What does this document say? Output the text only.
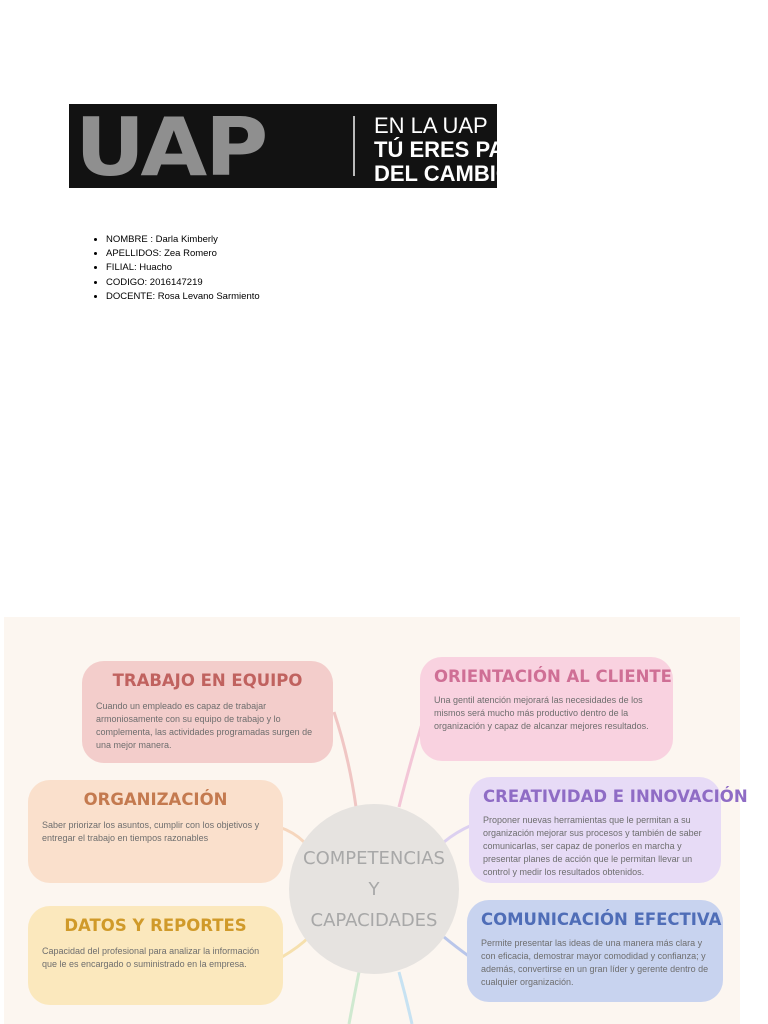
UAP	EN LA UAP
TÚ ERES PARTE
DEL CAMBIO
• NOMBRE : Darla Kimberly
• APELLIDOS: Zea Romero
• FILIAL: Huacho
• CODIGO: 2016147219
• DOCENTE: Rosa Levano Sarmiento
COMPETENCIAS
Y
CAPACIDADES
TRABAJO EN EQUIPO
Cuando un empleado es capaz de trabajar armoniosamente con su equipo de trabajo y lo complementa, las actividades programadas surgen de una mejor manera.
ORGANIZACIÓN
Saber priorizar los asuntos, cumplir con los objetivos y entregar el trabajo en tiempos razonables
DATOS Y REPORTES
Capacidad del profesional para analizar la información que le es encargado o suministrado en la empresa.
ORIENTACIÓN AL CLIENTE
Una gentil atención mejorará las necesidades de los mismos será mucho más productivo dentro de la organización y capaz de alcanzar mejores resultados.
CREATIVIDAD E INNOVACIÓN
Proponer nuevas herramientas que le permitan a su organización mejorar sus procesos y también de saber comunicarlas, ser capaz de ponerlos en marcha y presentar planes de acción que le permitan llevar un control y medir los resultados obtenidos.
COMUNICACIÓN EFECTIVA
Permite presentar las ideas de una manera más clara y con eficacia, demostrar mayor comodidad y confianza; y además, convertirse en un gran líder y gerente dentro de cualquier organización.
